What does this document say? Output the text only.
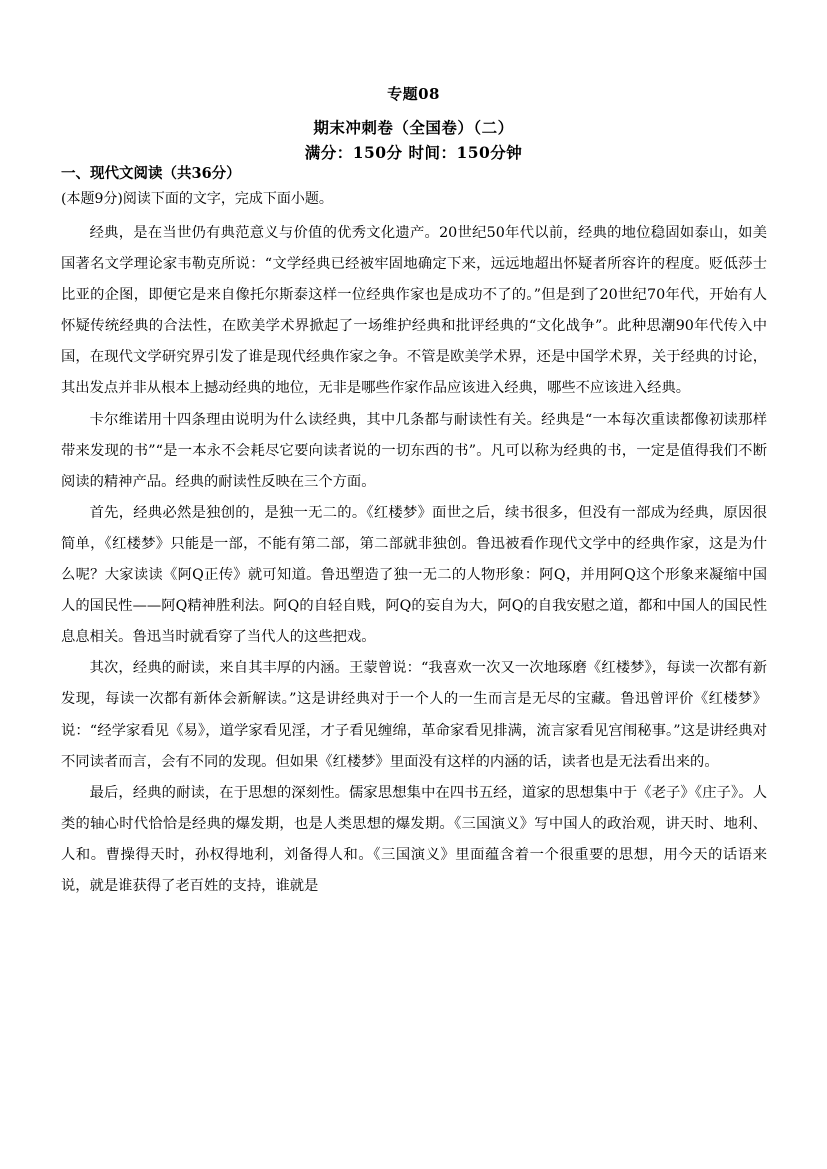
专题08
期末冲刺卷（全国卷）（二）
满分：150分 时间：150分钟
一、现代文阅读（共36分）
(本题9分)阅读下面的文字，完成下面小题。

经典，是在当世仍有典范意义与价值的优秀文化遗产。20世纪50年代以前，经典的地位稳固如泰山，如美国著名文学理论家韦勒克所说：“文学经典已经被牢固地确定下来，远远地超出怀疑者所容许的程度。贬低莎士比亚的企图，即便它是来自像托尔斯泰这样一位经典作家也是成功不了的。”但是到了20世纪70年代，开始有人怀疑传统经典的合法性，在欧美学术界掀起了一场维护经典和批评经典的“文化战争”。此种思潮90年代传入中国，在现代文学研究界引发了谁是现代经典作家之争。不管是欧美学术界，还是中国学术界，关于经典的讨论，其出发点并非从根本上撼动经典的地位，无非是哪些作家作品应该进入经典，哪些不应该进入经典。

卡尔维诺用十四条理由说明为什么读经典，其中几条都与耐读性有关。经典是“一本每次重读都像初读那样带来发现的书”“是一本永不会耗尽它要向读者说的一切东西的书”。凡可以称为经典的书，一定是值得我们不断阅读的精神产品。经典的耐读性反映在三个方面。

首先，经典必然是独创的，是独一无二的。《红楼梦》面世之后，续书很多，但没有一部成为经典，原因很简单，《红楼梦》只能是一部，不能有第二部，第二部就非独创。鲁迅被看作现代文学中的经典作家，这是为什么呢？大家读读《阿Q正传》就可知道。鲁迅塑造了独一无二的人物形象：阿Q，并用阿Q这个形象来凝缩中国人的国民性——阿Q精神胜利法。阿Q的自轻自贱，阿Q的妄自为大，阿Q的自我安慰之道，都和中国人的国民性息息相关。鲁迅当时就看穿了当代人的这些把戏。

其次，经典的耐读，来自其丰厚的内涵。王蒙曾说：“我喜欢一次又一次地琢磨《红楼梦》，每读一次都有新发现，每读一次都有新体会新解读。”这是讲经典对于一个人的一生而言是无尽的宝藏。鲁迅曾评价《红楼梦》说：“经学家看见《易》，道学家看见淫，才子看见缠绵，革命家看见排满，流言家看见宫闱秘事。”这是讲经典对不同读者而言，会有不同的发现。但如果《红楼梦》里面没有这样的内涵的话，读者也是无法看出来的。

最后，经典的耐读，在于思想的深刻性。儒家思想集中在四书五经，道家的思想集中于《老子》《庄子》。人类的轴心时代恰恰是经典的爆发期，也是人类思想的爆发期。《三国演义》写中国人的政治观，讲天时、地利、人和。曹操得天时，孙权得地利，刘备得人和。《三国演义》里面蕴含着一个很重要的思想，用今天的话语来说，就是谁获得了老百姓的支持，谁就是
